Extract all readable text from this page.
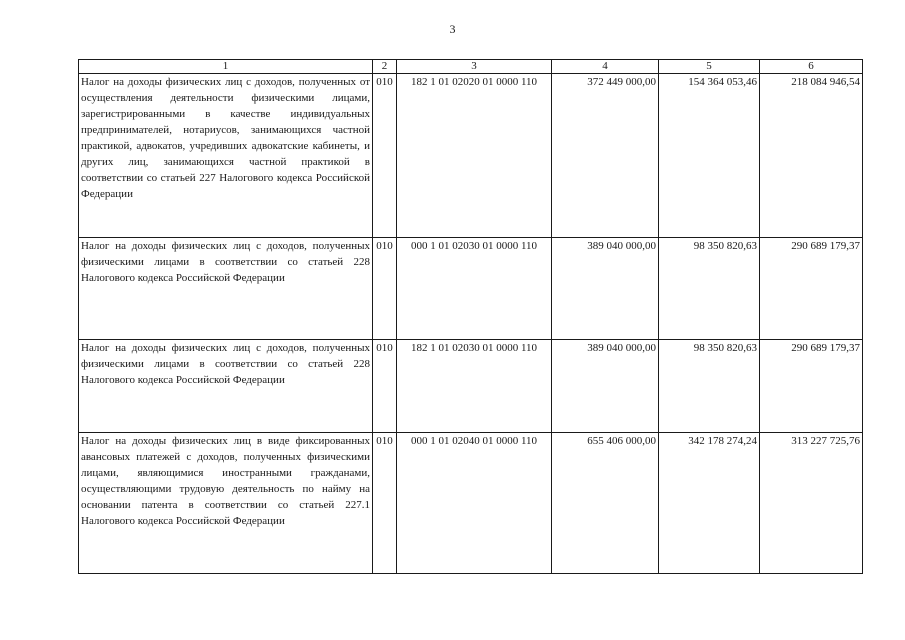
3
1	2	3	4	5	6
Налог на доходы физических лиц с доходов, полученных от осуществления деятельности физическими лицами, зарегистрированными в качестве индивидуальных предпринимателей, нотариусов, занимающихся частной практикой, адвокатов, учредивших адвокатские кабинеты, и других лиц, занимающихся частной практикой в соответствии со статьей 227 Налогового кодекса Российской Федерации	010	182 1 01 02020 01 0000 110	372 449 000,00	154 364 053,46	218 084 946,54
Налог на доходы физических лиц с доходов, полученных физическими лицами в соответствии со статьей 228 Налогового кодекса Российской Федерации	010	000 1 01 02030 01 0000 110	389 040 000,00	98 350 820,63	290 689 179,37
Налог на доходы физических лиц с доходов, полученных физическими лицами в соответствии со статьей 228 Налогового кодекса Российской Федерации	010	182 1 01 02030 01 0000 110	389 040 000,00	98 350 820,63	290 689 179,37
Налог на доходы физических лиц в виде фиксированных авансовых платежей с доходов, полученных физическими лицами, являющимися иностранными гражданами, осуществляющими трудовую деятельность по найму на основании патента в соответствии со статьей 227.1 Налогового кодекса Российской Федерации	010	000 1 01 02040 01 0000 110	655 406 000,00	342 178 274,24	313 227 725,76
